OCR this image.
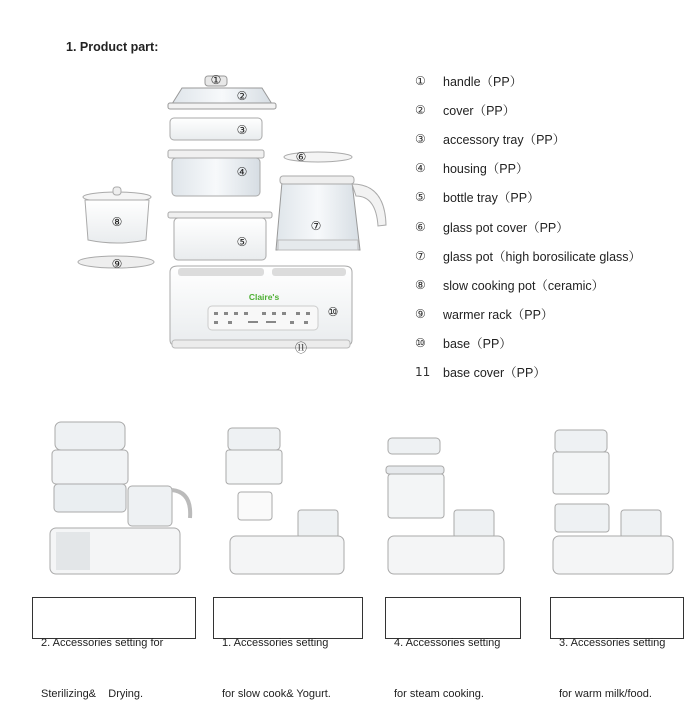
1. Product part:
Claire's
①
②
③
④
⑤
⑥
⑦
⑧
⑨
⑩
⑪
①	handle（PP）
②	cover（PP）
③	accessory tray（PP）
④	housing（PP）
⑤	bottle tray（PP）
⑥	glass pot cover（PP）
⑦	glass pot（high borosilicate glass）
⑧	slow cooking pot（ceramic）
⑨	warmer rack（PP）
⑩	base（PP）
11	base cover（PP）

2. Accessories setting for

Sterilizing&    Drying.

1. Accessories setting

for slow cook& Yogurt.

4. Accessories setting

for steam cooking.

3. Accessories setting

for warm milk/food.
